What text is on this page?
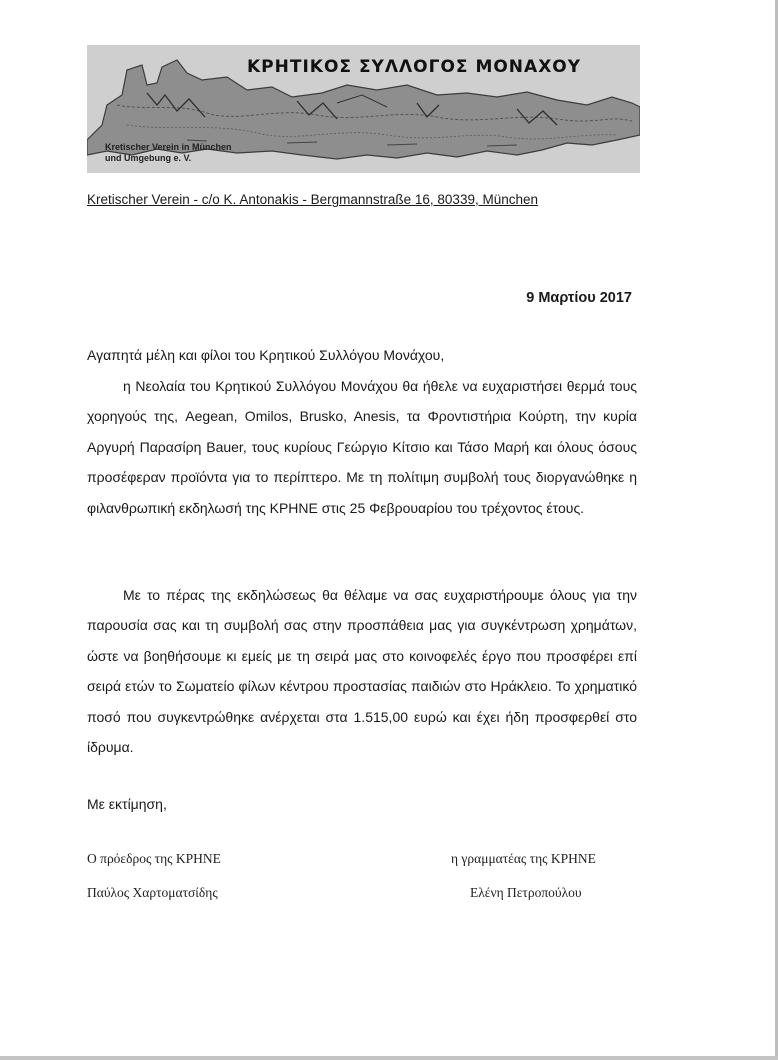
ΚΡΗΤΙΚΟΣ ΣΥΛΛΟΓΟΣ ΜΟΝΑΧΟΥ
Kretischer Verein in München
und Umgebung e. V.
Kretischer Verein - c/o K. Antonakis - Bergmannstraße 16, 80339, München
9 Μαρτίου 2017
Αγαπητά μέλη και φίλοι του Κρητικού Συλλόγου Μονάχου,
η Νεολαία του Κρητικού Συλλόγου Μονάχου θα ήθελε να ευχαριστήσει θερμά τους χορηγούς της, Aegean, Omilos, Brusko, Anesis, τα Φροντιστήρια Κούρτη, την κυρία Αργυρή Παρασίρη Bauer, τους κυρίους Γεώργιο Κίτσιο και Τάσο Μαρή και όλους όσους προσέφεραν προϊόντα για το περίπτερο. Με τη πολίτιμη συμβολή τους διοργανώθηκε η φιλανθρωπική εκδηλωσή της ΚΡΗΝΕ στις 25 Φεβρουαρίου του τρέχοντος έτους.
Με το πέρας της εκδηλώσεως θα θέλαμε να σας ευχαριστήρουμε όλους για την παρουσία σας και τη συμβολή σας στην προσπάθεια μας για συγκέντρωση χρημάτων, ώστε να βοηθήσουμε κι εμείς με τη σειρά μας στο κοινοφελές έργο που προσφέρει επί σειρά ετών το Σωματείο φίλων κέντρου προστασίας παιδιών στο Ηράκλειο. Το χρηματικό ποσό που συγκεντρώθηκε ανέρχεται στα 1.515,00 ευρώ και έχει ήδη προσφερθεί στο ίδρυμα.
Με εκτίμηση,
Ο πρόεδρος της ΚΡΗΝΕ
Παύλος Χαρτοματσίδης
η γραμματέας της ΚΡΗΝΕ
Ελένη Πετροπούλου
